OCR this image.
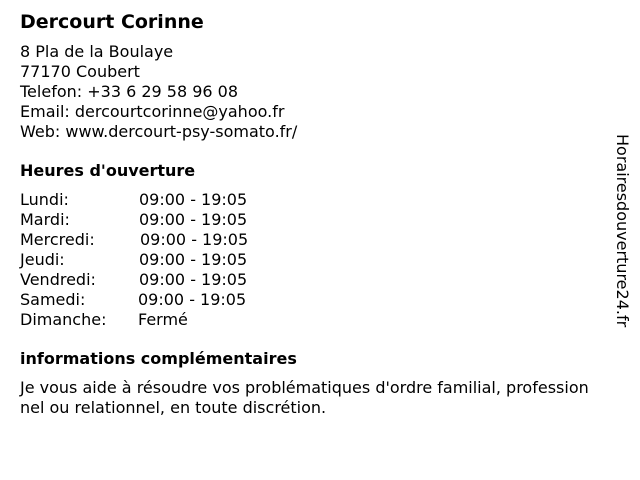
Dercourt Corinne
8 Pla de la Boulaye
77170 Coubert
Telefon: +33 6 29 58 96 08
Email: dercourtcorinne@yahoo.fr
Web: www.dercourt-psy-somato.fr/
Heures d'ouverture
Lundi:	09:00 - 19:05
Mardi:	09:00 - 19:05
Mercredi:	09:00 - 19:05
Jeudi:	09:00 - 19:05
Vendredi:	09:00 - 19:05
Samedi:	09:00 - 19:05
Dimanche: Fermé
informations complémentaires
Je vous aide à résoudre vos problématiques d'ordre familial, professionnel ou relationnel, en toute discrétion.
Horairesdouverture24.fr
